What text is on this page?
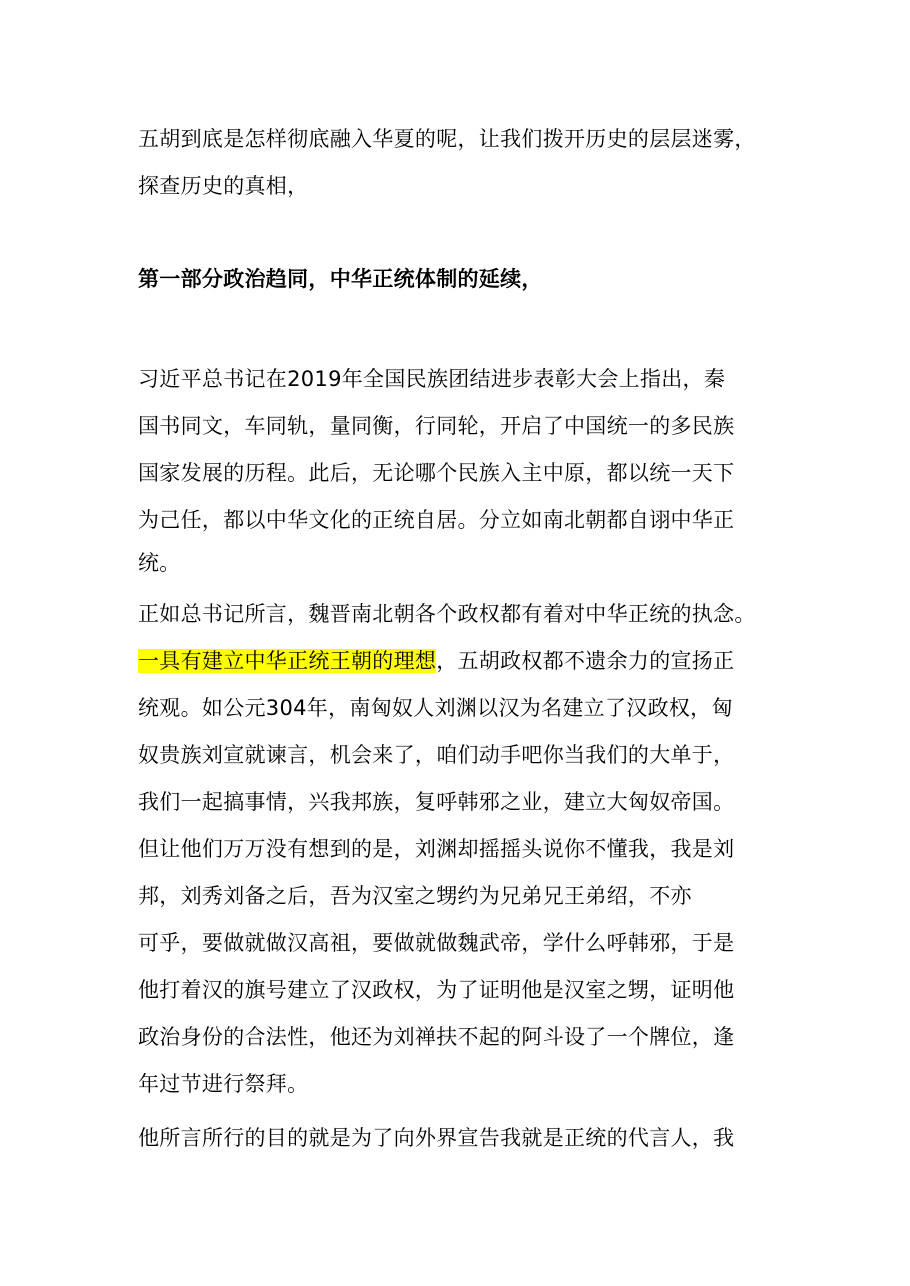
五胡到底是怎样彻底融入华夏的呢，让我们拨开历史的层层迷雾，
探查历史的真相，
第一部分政治趋同，中华正统体制的延续，
习近平总书记在2019年全国民族团结进步表彰大会上指出，秦
国书同文，车同轨，量同衡，行同轮，开启了中国统一的多民族
国家发展的历程。此后，无论哪个民族入主中原，都以统一天下
为己任，都以中华文化的正统自居。分立如南北朝都自诩中华正
统。
正如总书记所言，魏晋南北朝各个政权都有着对中华正统的执念。
一具有建立中华正统王朝的理想，五胡政权都不遗余力的宣扬正
统观。如公元304年，南匈奴人刘渊以汉为名建立了汉政权，匈
奴贵族刘宣就谏言，机会来了，咱们动手吧你当我们的大单于，
我们一起搞事情，兴我邦族，复呼韩邪之业，建立大匈奴帝国。
但让他们万万没有想到的是，刘渊却摇摇头说你不懂我，我是刘
邦，刘秀刘备之后，吾为汉室之甥约为兄弟兄王弟绍，不亦
可乎，要做就做汉高祖，要做就做魏武帝，学什么呼韩邪，于是
他打着汉的旗号建立了汉政权，为了证明他是汉室之甥，证明他
政治身份的合法性，他还为刘禅扶不起的阿斗设了一个牌位，逢
年过节进行祭拜。
他所言所行的目的就是为了向外界宣告我就是正统的代言人，我
